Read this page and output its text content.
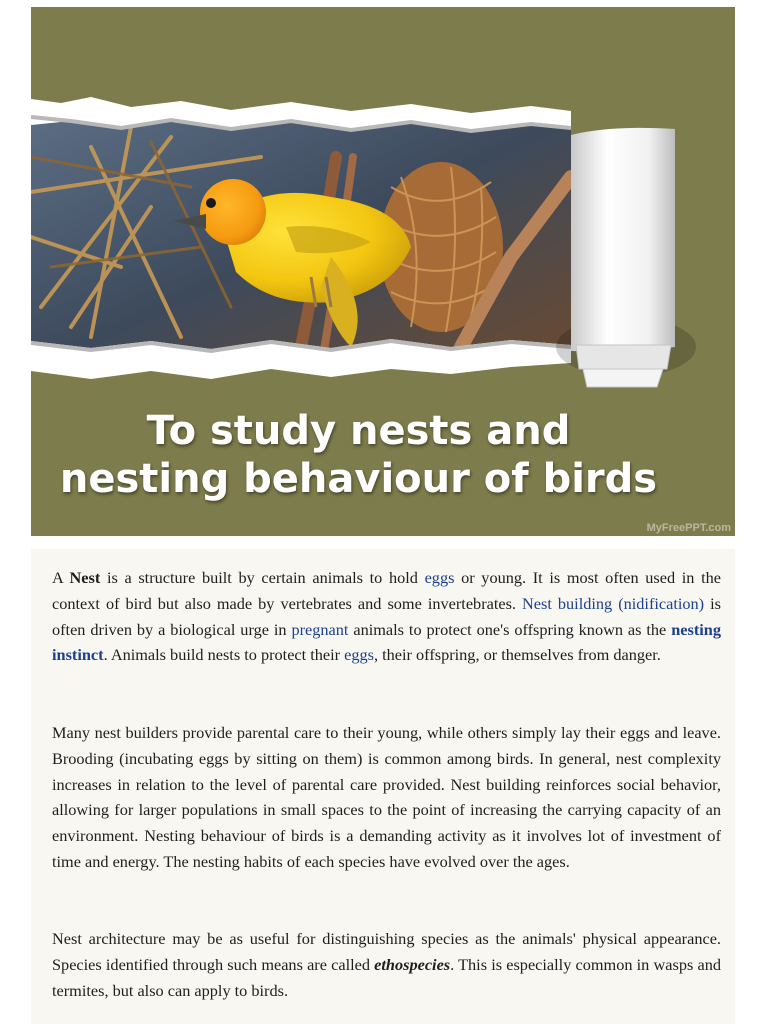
To study nests and
nesting behaviour of birds
MyFreePPT.com

A Nest is a structure built by certain animals to hold eggs or young. It is most often used in the context of bird but also made by vertebrates and some invertebrates. Nest building (nidification) is often driven by a biological urge in pregnant animals to protect one's offspring known as the nesting instinct. Animals build nests to protect their eggs, their offspring, or themselves from danger.

Many nest builders provide parental care to their young, while others simply lay their eggs and leave. Brooding (incubating eggs by sitting on them) is common among birds. In general, nest complexity increases in relation to the level of parental care provided. Nest building reinforces social behavior, allowing for larger populations in small spaces to the point of increasing the carrying capacity of an environment. Nesting behaviour of birds is a demanding activity as it involves lot of investment of time and energy. The nesting habits of each species have evolved over the ages.

Nest architecture may be as useful for distinguishing species as the animals' physical appearance. Species identified through such means are called ethospecies. This is especially common in wasps and termites, but also can apply to birds.
